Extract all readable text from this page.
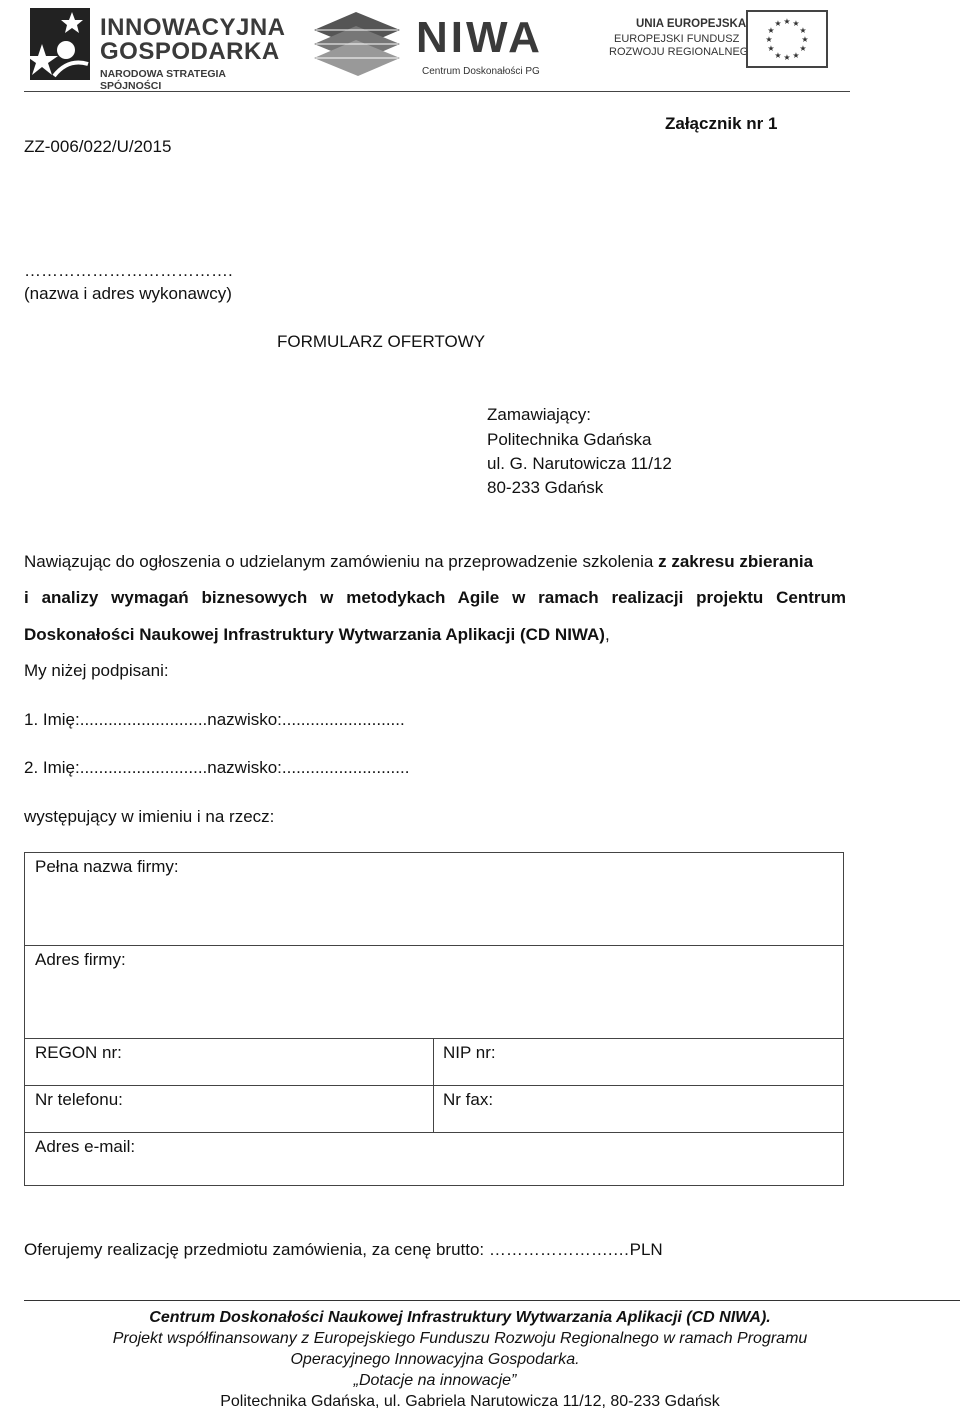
INNOWACYJNA
GOSPODARKA
NARODOWA STRATEGIA SPÓJNOŚCI
NIWA
Centrum Doskonałości PG
UNIA EUROPEJSKA
EUROPEJSKI FUNDUSZ
ROZWOJU REGIONALNEGO
★ ★
★
★
★
★
★
★
★
★
★
★
ZZ-006/022/U/2015
Załącznik nr 1
……………………………….
(nazwa i adres wykonawcy)
FORMULARZ OFERTOWY
Zamawiający:
Politechnika Gdańska
ul. G. Narutowicza 11/12
80-233 Gdańsk
Nawiązując do ogłoszenia o udzielanym zamówieniu na przeprowadzenie szkolenia z zakresu zbierania
i analizy wymagań biznesowych w metodykach Agile w ramach realizacji projektu Centrum
Doskonałości Naukowej Infrastruktury Wytwarzania Aplikacji (CD NIWA),
My niżej podpisani:
1. Imię:...........................nazwisko:..........................
2. Imię:...........................nazwisko:...........................
występujący w imieniu i na rzecz:
Pełna nazwa firmy:
Adres firmy:
REGON nr:	NIP nr:
Nr telefonu:	Nr fax:
Adres e-mail:
Oferujemy realizację przedmiotu zamówienia, za cenę brutto: ………………….…PLN
Centrum Doskonałości Naukowej Infrastruktury Wytwarzania Aplikacji (CD NIWA).
Projekt współfinansowany z Europejskiego Funduszu Rozwoju Regionalnego w ramach Programu
Operacyjnego Innowacyjna Gospodarka.
„Dotacje na innowacje”
Politechnika Gdańska, ul. Gabriela Narutowicza 11/12, 80-233 Gdańsk
